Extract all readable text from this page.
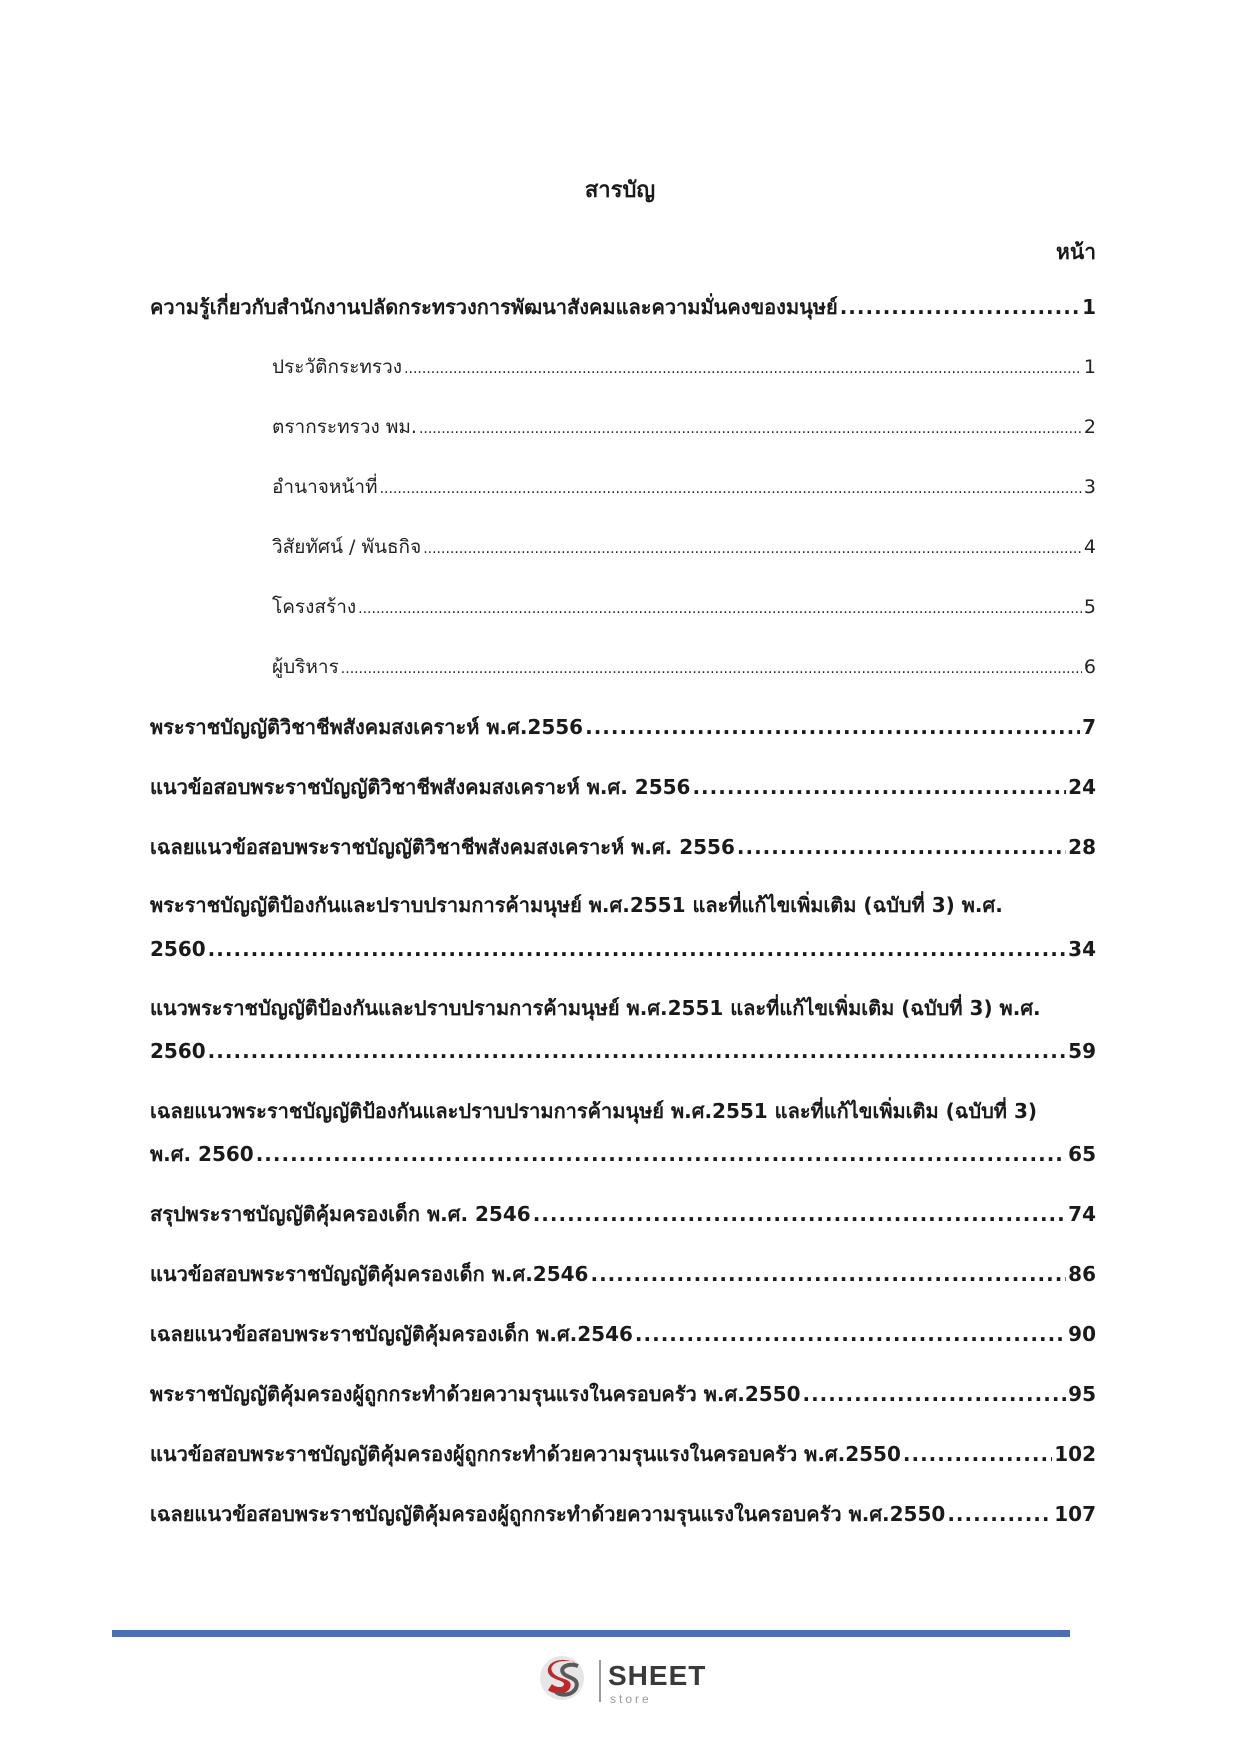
สารบัญ
หน้า
ความรู้เกี่ยวกับสำนักงานปลัดกระทรวงการพัฒนาสังคมและความมั่นคงของมนุษย์ .....	1
ประวัติกระทรวง .....	1
ตรากระทรวง พม. .....	2
อำนาจหน้าที่ .....	3
วิสัยทัศน์ / พันธกิจ .....	4
โครงสร้าง .....	5
ผู้บริหาร .....	6
พระราชบัญญัติวิชาชีพสังคมสงเคราะห์ พ.ศ.2556 .....	7
แนวข้อสอบพระราชบัญญัติวิชาชีพสังคมสงเคราะห์ พ.ศ. 2556 .....	24
เฉลยแนวข้อสอบพระราชบัญญัติวิชาชีพสังคมสงเคราะห์ พ.ศ. 2556 .....	28
พระราชบัญญัติป้องกันและปราบปรามการค้ามนุษย์ พ.ศ.2551 และที่แก้ไขเพิ่มเติม (ฉบับที่ 3) พ.ศ.
2560 .....	34
แนวพระราชบัญญัติป้องกันและปราบปรามการค้ามนุษย์ พ.ศ.2551 และที่แก้ไขเพิ่มเติม (ฉบับที่ 3) พ.ศ.
2560 .....	59
เฉลยแนวพระราชบัญญัติป้องกันและปราบปรามการค้ามนุษย์ พ.ศ.2551 และที่แก้ไขเพิ่มเติม (ฉบับที่ 3)
พ.ศ. 2560 .....	65
สรุปพระราชบัญญัติคุ้มครองเด็ก พ.ศ. 2546 .....	74
แนวข้อสอบพระราชบัญญัติคุ้มครองเด็ก พ.ศ.2546 .....	86
เฉลยแนวข้อสอบพระราชบัญญัติคุ้มครองเด็ก พ.ศ.2546 .....	90
พระราชบัญญัติคุ้มครองผู้ถูกกระทำด้วยความรุนแรงในครอบครัว พ.ศ.2550 .....	95
แนวข้อสอบพระราชบัญญัติคุ้มครองผู้ถูกกระทำด้วยความรุนแรงในครอบครัว พ.ศ.2550 .....	102
เฉลยแนวข้อสอบพระราชบัญญัติคุ้มครองผู้ถูกกระทำด้วยความรุนแรงในครอบครัว พ.ศ.2550 .....	107
SHEET
store
